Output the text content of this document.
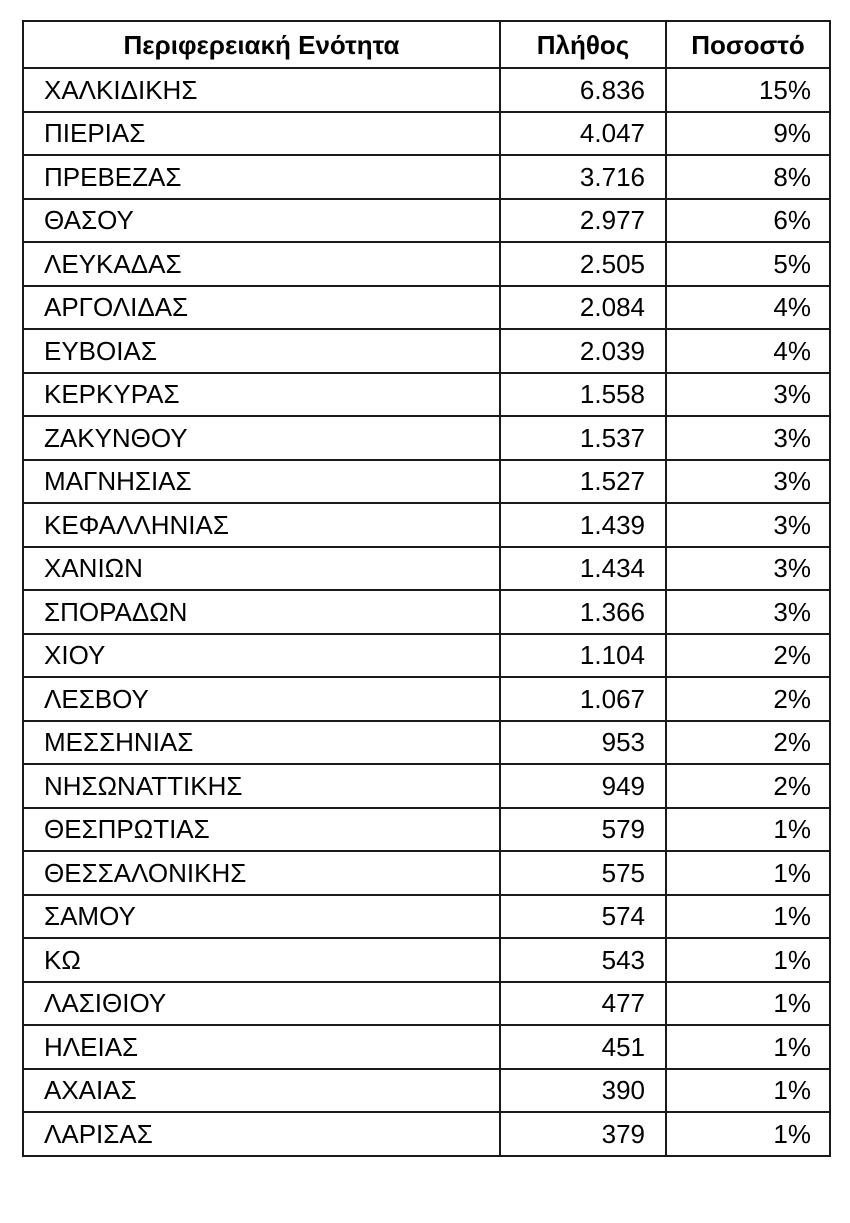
Περιφερειακή Ενότητα	Πλήθος	Ποσοστό
ΧΑΛΚΙΔΙΚΗΣ	6.836	15%
ΠΙΕΡΙΑΣ	4.047	9%
ΠΡΕΒΕΖΑΣ	3.716	8%
ΘΑΣΟΥ	2.977	6%
ΛΕΥΚΑΔΑΣ	2.505	5%
ΑΡΓΟΛΙΔΑΣ	2.084	4%
ΕΥΒΟΙΑΣ	2.039	4%
ΚΕΡΚΥΡΑΣ	1.558	3%
ΖΑΚΥΝΘΟΥ	1.537	3%
ΜΑΓΝΗΣΙΑΣ	1.527	3%
ΚΕΦΑΛΛΗΝΙΑΣ	1.439	3%
ΧΑΝΙΩΝ	1.434	3%
ΣΠΟΡΑΔΩΝ	1.366	3%
ΧΙΟΥ	1.104	2%
ΛΕΣΒΟΥ	1.067	2%
ΜΕΣΣΗΝΙΑΣ	953	2%
ΝΗΣΩΝΑΤΤΙΚΗΣ	949	2%
ΘΕΣΠΡΩΤΙΑΣ	579	1%
ΘΕΣΣΑΛΟΝΙΚΗΣ	575	1%
ΣΑΜΟΥ	574	1%
ΚΩ	543	1%
ΛΑΣΙΘΙΟΥ	477	1%
ΗΛΕΙΑΣ	451	1%
ΑΧΑΙΑΣ	390	1%
ΛΑΡΙΣΑΣ	379	1%
